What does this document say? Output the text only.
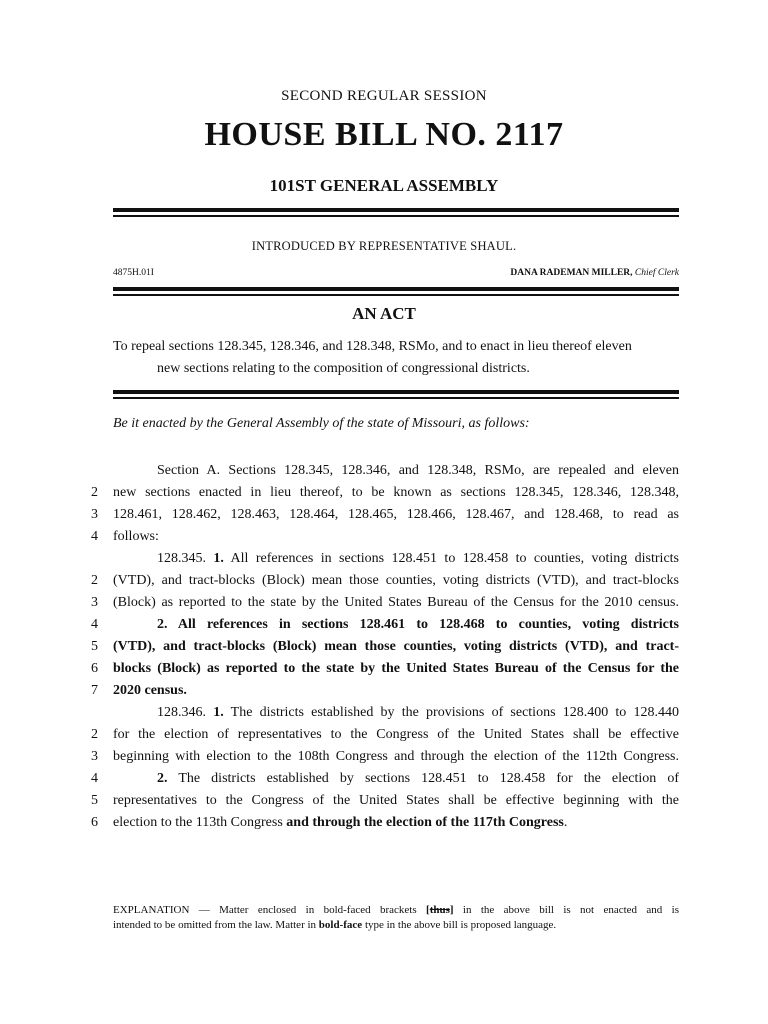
SECOND REGULAR SESSION
HOUSE BILL NO. 2117
101ST GENERAL ASSEMBLY
INTRODUCED BY REPRESENTATIVE SHAUL.
4875H.01I	DANA RADEMAN MILLER, Chief Clerk
AN ACT
To repeal sections 128.345, 128.346, and 128.348, RSMo, and to enact in lieu thereof eleven
new sections relating to the composition of congressional districts.
Be it enacted by the General Assembly of the state of Missouri, as follows:
2
3
4
2
3
4
5
6
7
2
3
4
5
6
Section A. Sections 128.345, 128.346, and 128.348, RSMo, are repealed and eleven
new sections enacted in lieu thereof, to be known as sections 128.345, 128.346, 128.348,
128.461, 128.462, 128.463, 128.464, 128.465, 128.466, 128.467, and 128.468, to read as
follows:
128.345. 1. All references in sections 128.451 to 128.458 to counties, voting districts
(VTD), and tract-blocks (Block) mean those counties, voting districts (VTD), and tract-blocks
(Block) as reported to the state by the United States Bureau of the Census for the 2010 census.
2. All references in sections 128.461 to 128.468 to counties, voting districts
(VTD), and tract-blocks (Block) mean those counties, voting districts (VTD), and tract-
blocks (Block) as reported to the state by the United States Bureau of the Census for the
2020 census.
128.346. 1. The districts established by the provisions of sections 128.400 to 128.440
for the election of representatives to the Congress of the United States shall be effective
beginning with election to the 108th Congress and through the election of the 112th Congress.
2. The districts established by sections 128.451 to 128.458 for the election of
representatives to the Congress of the United States shall be effective beginning with the
election to the 113th Congress and through the election of the 117th Congress.
EXPLANATION — Matter enclosed in bold-faced brackets [thus] in the above bill is not enacted and is
intended to be omitted from the law. Matter in bold-face type in the above bill is proposed language.
